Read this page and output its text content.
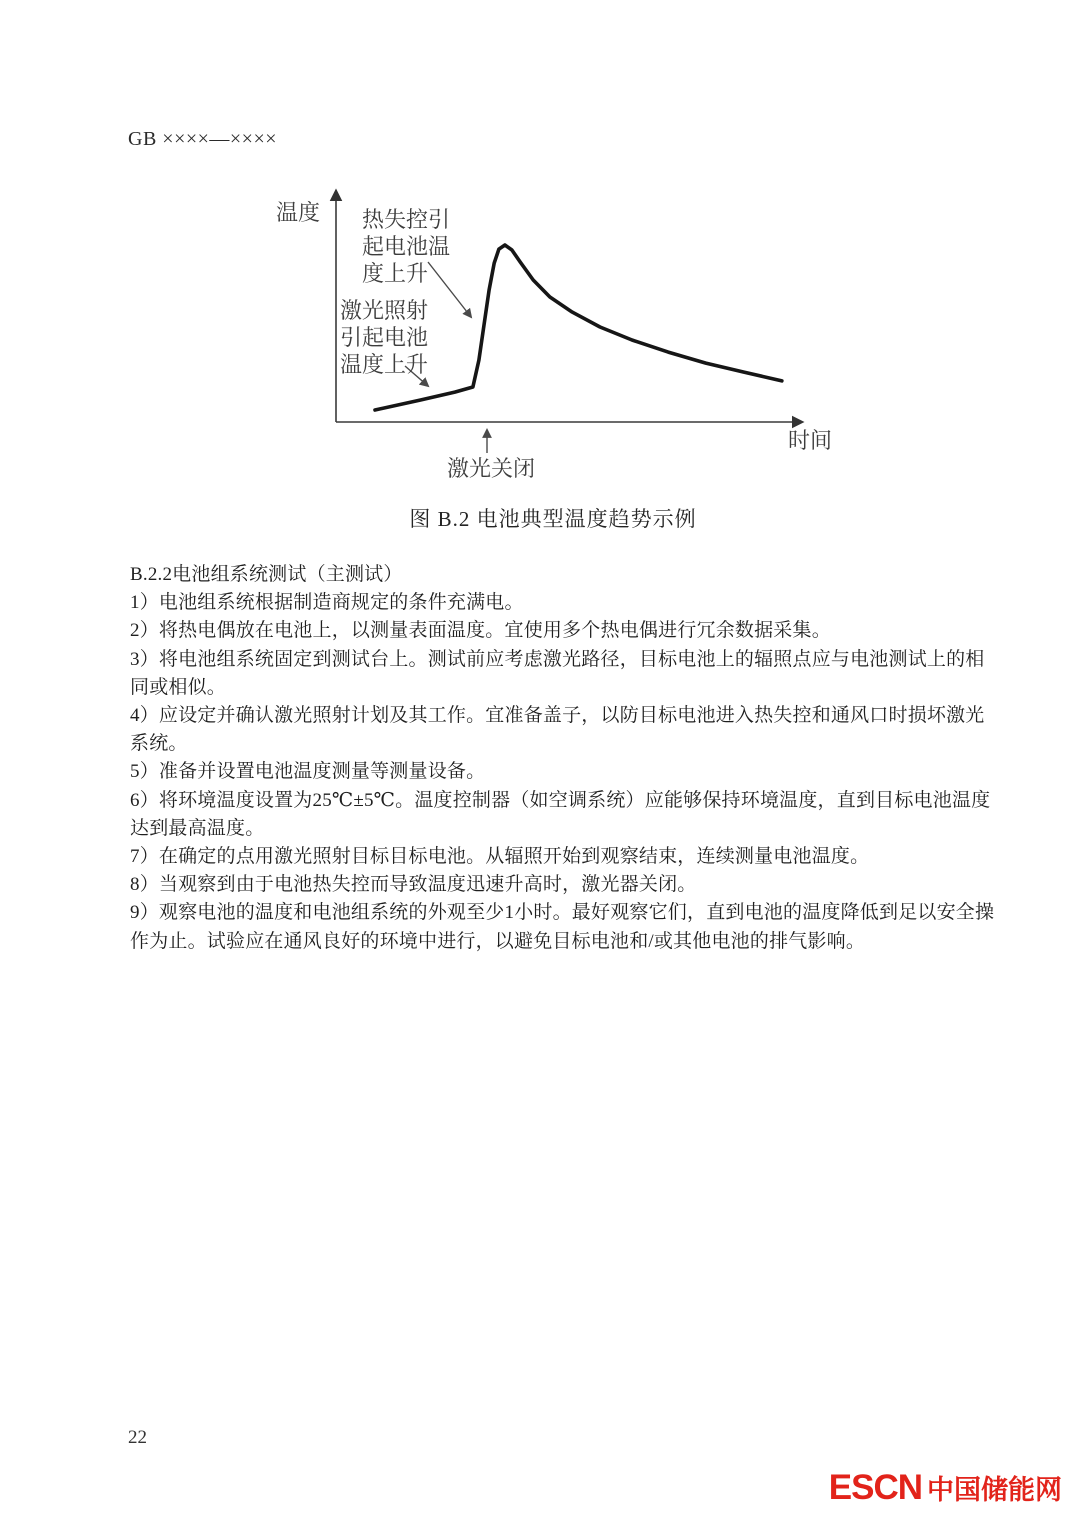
GB ××××—××××
温度
时间
热失控引
起电池温
度上升
激光照射
引起电池
温度上升
激光关闭
图 B.2 电池典型温度趋势示例
B.2.2电池组系统测试（主测试）
1）电池组系统根据制造商规定的条件充满电。
2）将热电偶放在电池上，以测量表面温度。宜使用多个热电偶进行冗余数据采集。
3）将电池组系统固定到测试台上。测试前应考虑激光路径，目标电池上的辐照点应与电池测试上的相
同或相似。
4）应设定并确认激光照射计划及其工作。宜准备盖子，以防目标电池进入热失控和通风口时损坏激光
系统。
5）准备并设置电池温度测量等测量设备。
6）将环境温度设置为25℃±5℃。温度控制器（如空调系统）应能够保持环境温度，直到目标电池温度
达到最高温度。
7）在确定的点用激光照射目标目标电池。从辐照开始到观察结束，连续测量电池温度。
8）当观察到由于电池热失控而导致温度迅速升高时，激光器关闭。
9）观察电池的温度和电池组系统的外观至少1小时。最好观察它们，直到电池的温度降低到足以安全操
作为止。试验应在通风良好的环境中进行，以避免目标电池和/或其他电池的排气影响。
22
ESCN 中国储能网
